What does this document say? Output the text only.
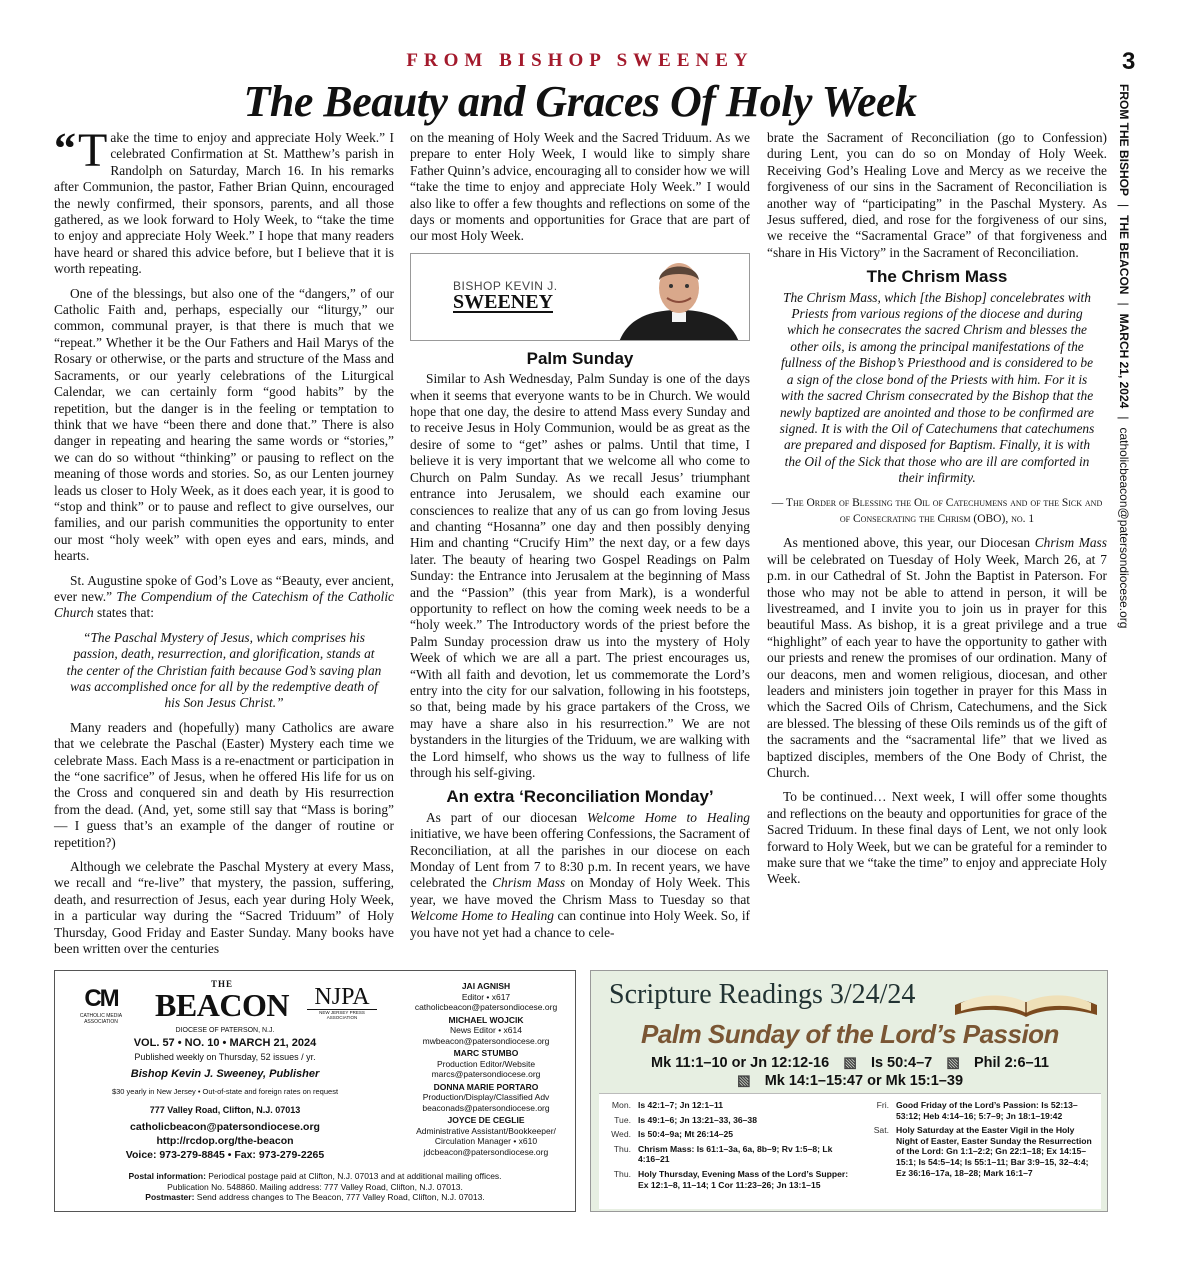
FROM BISHOP SWEENEY
The Beauty and Graces Of Holy Week
3
FROM THE BISHOP
|
THE BEACON
|
MARCH 21, 2024
|
catholicbeacon@patersondiocese.org

“ T ake the time to enjoy and appreciate Holy Week.” I celebrated Confirmation at St. Matthew’s parish in Randolph on Saturday, March 16. In his remarks after Communion, the pastor, Father Brian Quinn, encouraged the newly confirmed, their sponsors, parents, and all those gathered, as we look forward to Holy Week, to “take the time to enjoy and appreciate Holy Week.” I hope that many readers have heard or shared this advice before, but I believe that it is worth repeating.

One of the blessings, but also one of the “dangers,” of our Catholic Faith and, perhaps, especially our “liturgy,” our common, communal prayer, is that there is much that we “repeat.” Whether it be the Our Fathers and Hail Marys of the Rosary or otherwise, or the parts and structure of the Mass and Sacraments, or our yearly celebrations of the Liturgical Calendar, we can certainly form “good habits” by the repetition, but the danger is in the feeling or temptation to think that we have “been there and done that.” There is also danger in repeating and hearing the same words or “stories,” we can do so without “thinking” or pausing to reflect on the meaning of those words and stories. So, as our Lenten journey leads us closer to Holy Week, as it does each year, it is good to “stop and think” or to pause and reflect to give ourselves, our families, and our parish communities the opportunity to enter our most “holy week” with open eyes and ears, minds, and hearts.

St. Augustine spoke of God’s Love as “Beauty, ever ancient, ever new.” The Compendium of the Catechism of the Catholic Church states that:

“The Paschal Mystery of Jesus, which comprises his passion, death, resurrection, and glorification, stands at the center of the Christian faith because God’s saving plan was accomplished once for all by the redemptive death of his Son Jesus Christ.”

Many readers and (hopefully) many Catholics are aware that we celebrate the Paschal (Easter) Mystery each time we celebrate Mass. Each Mass is a re-enactment or participation in the “one sacrifice” of Jesus, when he offered His life for us on the Cross and conquered sin and death by His resurrection from the dead. (And, yet, some still say that “Mass is boring” — I guess that’s an example of the danger of routine or repetition?)

Although we celebrate the Paschal Mystery at every Mass, we recall and “re-live” that mystery, the passion, suffering, death, and resurrection of Jesus, each year during Holy Week, in a particular way during the “Sacred Triduum” of Holy Thursday, Good Friday and Easter Sunday. Many books have been written over the centuries

on the meaning of Holy Week and the Sacred Triduum. As we prepare to enter Holy Week, I would like to simply share Father Quinn’s advice, encouraging all to consider how we will “take the time to enjoy and appreciate Holy Week.” I would also like to offer a few thoughts and reflections on some of the days or moments and opportunities for Grace that are part of our most Holy Week.

BISHOP KEVIN J.
SWEENEY
Palm Sunday

Similar to Ash Wednesday, Palm Sunday is one of the days when it seems that everyone wants to be in Church. We would hope that one day, the desire to attend Mass every Sunday and to receive Jesus in Holy Communion, would be as great as the desire of some to “get” ashes or palms. Until that time, I believe it is very important that we welcome all who come to Church on Palm Sunday. As we recall Jesus’ triumphant entrance into Jerusalem, we should each examine our consciences to realize that any of us can go from loving Jesus and chanting “Hosanna” one day and then possibly denying Him and chanting “Crucify Him” the next day, or a few days later. The beauty of hearing two Gospel Readings on Palm Sunday: the Entrance into Jerusalem at the beginning of Mass and the “Passion” (this year from Mark), is a wonderful opportunity to reflect on how the coming week needs to be a “holy week.” The Introductory words of the priest before the Palm Sunday procession draw us into the mystery of Holy Week of which we are all a part. The priest encourages us, “With all faith and devotion, let us commemorate the Lord’s entry into the city for our salvation, following in his footsteps, so that, being made by his grace partakers of the Cross, we may have a share also in his resurrection.” We are not bystanders in the liturgies of the Triduum, we are walking with the Lord himself, who shows us the way to fullness of life through his self-giving.

An extra ‘Reconciliation Monday’

As part of our diocesan Welcome Home to Healing initiative, we have been offering Confessions, the Sacrament of Reconciliation, at all the parishes in our diocese on each Monday of Lent from 7 to 8:30 p.m. In recent years, we have celebrated the Chrism Mass on Monday of Holy Week. This year, we have moved the Chrism Mass to Tuesday so that Welcome Home to Healing can continue into Holy Week. So, if you have not yet had a chance to cele-

brate the Sacrament of Reconciliation (go to Confession) during Lent, you can do so on Monday of Holy Week. Receiving God’s Healing Love and Mercy as we receive the forgiveness of our sins in the Sacrament of Reconciliation is another way of “participating” in the Paschal Mystery. As Jesus suffered, died, and rose for the forgiveness of our sins, we receive the “Sacramental Grace” of that forgiveness and “share in His Victory” in the Sacrament of Reconciliation.

The Chrism Mass

The Chrism Mass, which [the Bishop] concelebrates with Priests from various regions of the diocese and during which he consecrates the sacred Chrism and blesses the other oils, is among the principal manifestations of the fullness of the Bishop’s Priesthood and is considered to be a sign of the close bond of the Priests with him. For it is with the sacred Chrism consecrated by the Bishop that the newly baptized are anointed and those to be confirmed are signed. It is with the Oil of Catechumens that catechumens are prepared and disposed for Baptism. Finally, it is with the Oil of the Sick that those who are ill are comforted in their infirmity.

— The Order of Blessing the Oil of Catechumens and of the Sick and of Consecrating the Chrism (OBO), no. 1

As mentioned above, this year, our Diocesan Chrism Mass will be celebrated on Tuesday of Holy Week, March 26, at 7 p.m. in our Cathedral of St. John the Baptist in Paterson. For those who may not be able to attend in person, it will be livestreamed, and I invite you to join us in prayer for this beautiful Mass. As bishop, it is a great privilege and a true “highlight” of each year to have the opportunity to gather with our priests and renew the promises of our ordination. Many of our deacons, men and women religious, diocesan, and other leaders and ministers join together in prayer for this Mass in which the Sacred Oils of Chrism, Catechumens, and the Sick are blessed. The blessing of these Oils reminds us of the gift of the sacraments and the “sacramental life” that we lived as baptized disciples, members of the One Body of Christ, the Church.

To be continued… Next week, I will offer some thoughts and reflections on the beauty and opportunities for grace of the Sacred Triduum. In these final days of Lent, we not only look forward to Holy Week, but we can be grateful for a reminder to make sure that we “take the time” to enjoy and appreciate Holy Week.

CM
CATHOLIC MEDIA ASSOCIATION
THE
BEACON	NJPA
NEW JERSEY PRESS ASSOCIATION
DIOCESE OF PATERSON, N.J.
VOL. 57 • NO. 10 • MARCH 21, 2024
Published weekly on Thursday, 52 issues / yr.
Bishop Kevin J. Sweeney, Publisher
$30 yearly in New Jersey • Out-of-state and foreign rates on request
777 Valley Road, Clifton, N.J. 07013
catholicbeacon@patersondiocese.org
http://rcdop.org/the-beacon
Voice: 973-279-8845 • Fax: 973-279-2265
JAI AGNISH
Editor • x617
catholicbeacon@patersondiocese.org
MICHAEL WOJCIK
News Editor • x614
mwbeacon@patersondiocese.org
MARC STUMBO
Production Editor/Website
marcs@patersondiocese.org
DONNA MARIE PORTARO
Production/Display/Classified Adv
beaconads@patersondiocese.org
JOYCE DE CEGLIE
Administrative Assistant/Bookkeeper/ Circulation Manager • x610
jdcbeacon@patersondiocese.org
Postal information: Periodical postage paid at Clifton, N.J. 07013 and at additional mailing offices.
Publication No. 548860. Mailing address: 777 Valley Road, Clifton, N.J. 07013.
Postmaster: Send address changes to The Beacon, 777 Valley Road, Clifton, N.J. 07013.
Scripture Readings 3/24/24
Palm Sunday of the Lord’s Passion
Mk 11:1–10 or Jn 12:12-16 ▧ Is 50:4–7 ▧ Phil 2:6–11
▧ Mk 14:1–15:47 or Mk 15:1–39
Mon. Is 42:1–7; Jn 12:1–11
Tue. Is 49:1–6; Jn 13:21–33, 36–38
Wed. Is 50:4–9a; Mt 26:14–25
Thu. Chrism Mass: Is 61:1–3a, 6a, 8b–9; Rv 1:5–8; Lk 4:16–21
Thu. Holy Thursday, Evening Mass of the Lord’s Supper: Ex 12:1–8, 11–14; 1 Cor 11:23–26; Jn 13:1–15
Fri. Good Friday of the Lord’s Passion: Is 52:13–53:12; Heb 4:14–16; 5:7–9; Jn 18:1–19:42
Sat. Holy Saturday at the Easter Vigil in the Holy Night of Easter, Easter Sunday the Resurrection of the Lord: Gn 1:1–2:2; Gn 22:1–18; Ex 14:15–15:1; Is 54:5–14; Is 55:1–11; Bar 3:9–15, 32–4:4; Ez 36:16–17a, 18–28; Mark 16:1–7
